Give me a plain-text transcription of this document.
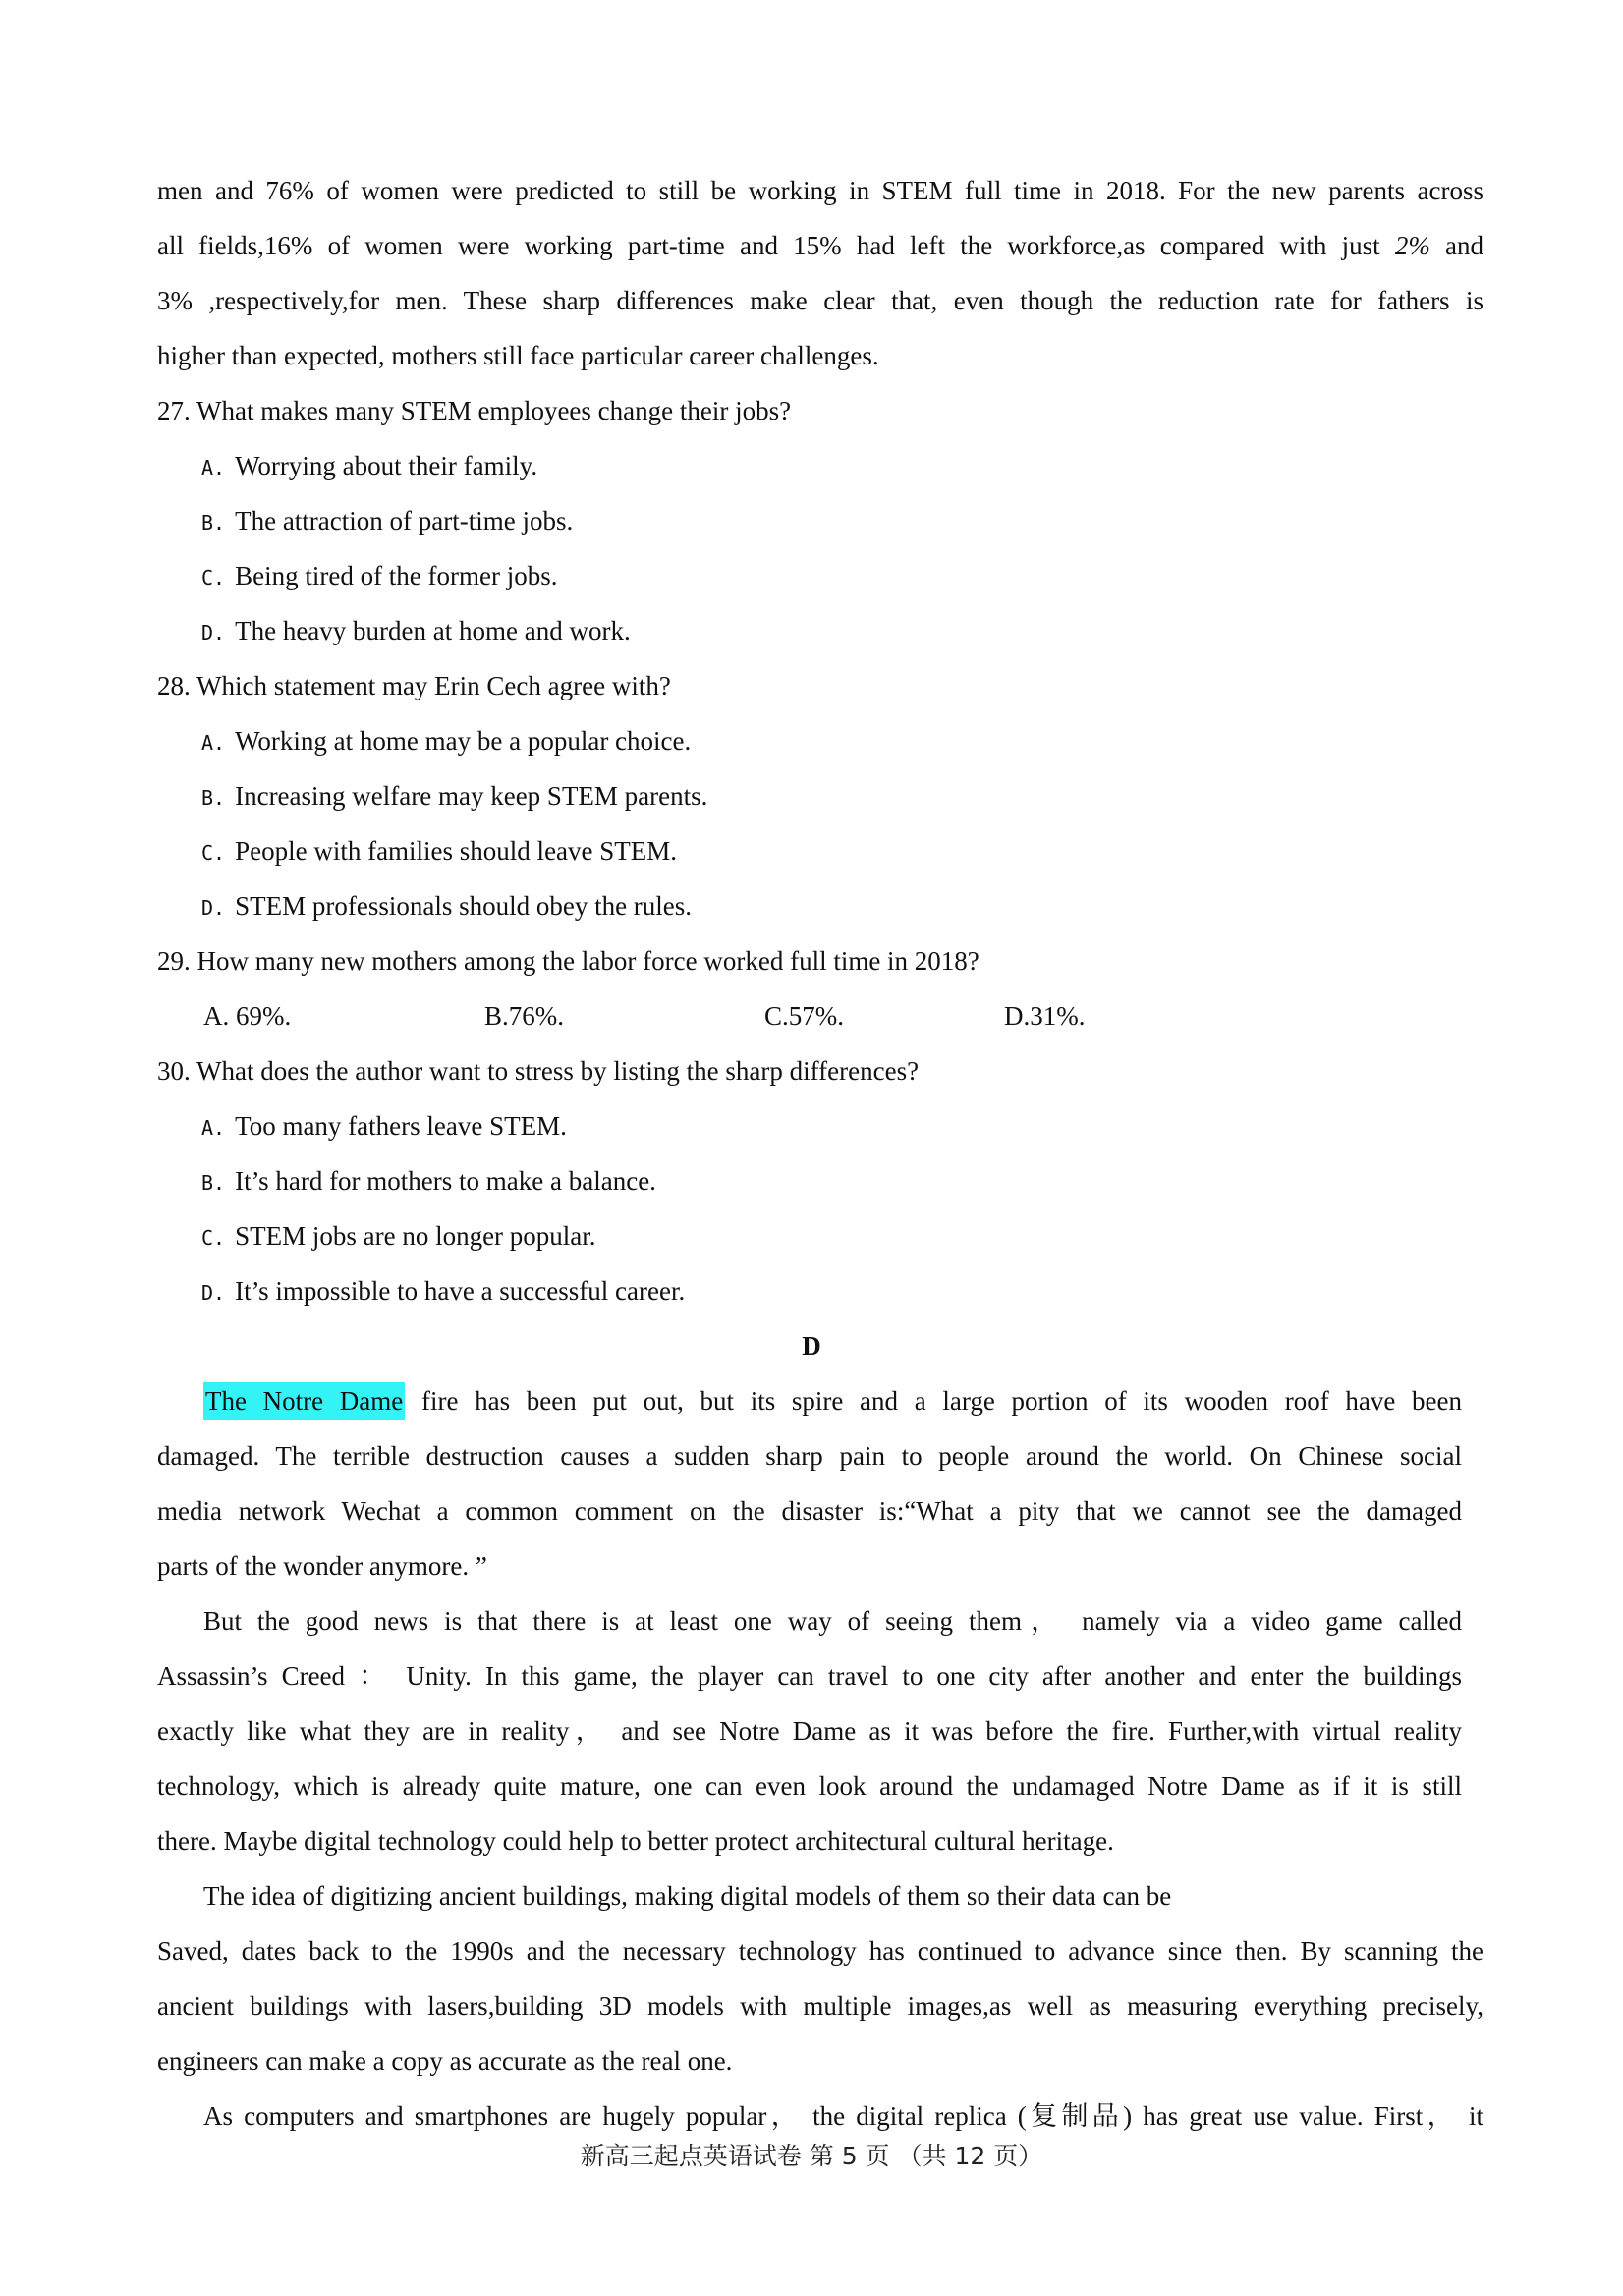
men and 76% of women were predicted to still be working in STEM full time in 2018. For the new parents across
all fields,16% of women were working part-time and 15% had left the workforce,as compared with just 2% and
3% ,respectively,for men. These sharp differences make clear that, even though the reduction rate for fathers is
higher than expected, mothers still face particular career challenges.
27. What makes many STEM employees change their jobs?
A. Worrying about their family.
B. The attraction of part-time jobs.
C. Being tired of the former jobs.
D. The heavy burden at home and work.
28. Which statement may Erin Cech agree with?
A. Working at home may be a popular choice.
B. Increasing welfare may keep STEM parents.
C. People with families should leave STEM.
D. STEM professionals should obey the rules.
29. How many new mothers among the labor force worked full time in 2018?
A. 69%.	B.76%.	C.57%.	D.31%.
30. What does the author want to stress by listing the sharp differences?
A. Too many fathers leave STEM.
B. It’s hard for mothers to make a balance.
C. STEM jobs are no longer popular.
D. It’s impossible to have a successful career.
D
The Notre Dame fire has been put out, but its spire and a large portion of its wooden roof have been
damaged. The terrible destruction causes a sudden sharp pain to people around the world. On Chinese social
media network Wechat a common comment on the disaster is:“What a pity that we cannot see the damaged
parts of the wonder anymore. ”
But the good news is that there is at least one way of seeing them， namely via a video game called
Assassin’s Creed ： Unity. In this game, the player can travel to one city after another and enter the buildings
exactly like what they are in reality， and see Notre Dame as it was before the fire. Further,with virtual reality
technology, which is already quite mature, one can even look around the undamaged Notre Dame as if it is still
there. Maybe digital technology could help to better protect architectural cultural heritage.
The idea of digitizing ancient buildings, making digital models of them so their data can be
Saved, dates back to the 1990s and the necessary technology has continued to advance since then. By scanning the
ancient buildings with lasers,building 3D models with multiple images,as well as measuring everything precisely,
engineers can make a copy as accurate as the real one.
As computers and smartphones are hugely popular， the digital replica (复制品) has great use value. First， it
新高三起点英语试卷 第 5 页 （共 12 页）
